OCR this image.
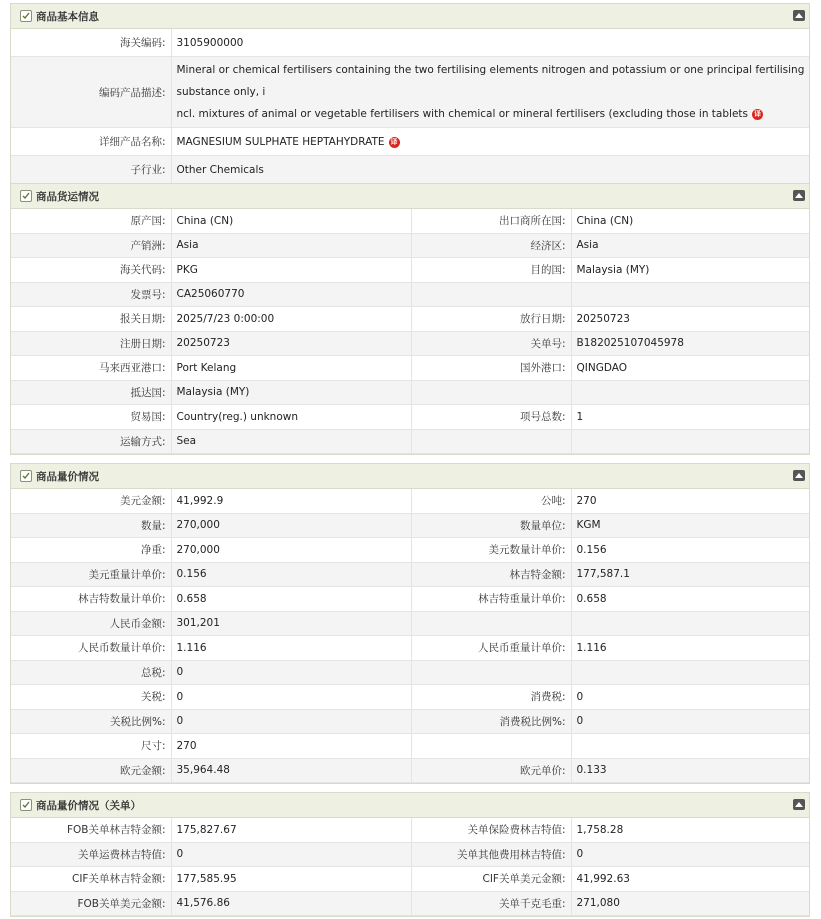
商品基本信息
海关编码:	3105900000
编码产品描述:	Mineral or chemical fertilisers containing the two fertilising elements nitrogen and potassium or one principal fertilising substance only, i
ncl. mixtures of animal or vegetable fertilisers with chemical or mineral fertilisers (excluding those in tablets 译

详细产品名称:	MAGNESIUM SULPHATE HEPTAHYDRATE 译
子行业:	Other Chemicals

商品货运情况
原产国:	China (CN)	出口商所在国:	China (CN)
产销洲:	Asia	经济区:	Asia
海关代码:	PKG	目的国:	Malaysia (MY)
发票号:	CA25060770		
报关日期:	2025/7/23 0:00:00	放行日期:	20250723
注册日期:	20250723	关单号:	B182025107045978
马来西亚港口:	Port Kelang	国外港口:	QINGDAO
抵达国:	Malaysia (MY)		
贸易国:	Country(reg.) unknown	项号总数:	1
运输方式:	Sea		
商品量价情况
美元金额:	41,992.9	公吨:	270
数量:	270,000	数量单位:	KGM
净重:	270,000	美元数量计单价:	0.156
美元重量计单价:	0.156	林吉特金额:	177,587.1
林吉特数量计单价:	0.658	林吉特重量计单价:	0.658
人民币金额:	301,201		
人民币数量计单价:	1.116	人民币重量计单价:	1.116
总税:	0		
关税:	0	消费税:	0
关税比例%:	0	消费税比例%:	0
尺寸:	270		
欧元金额:	35,964.48	欧元单价:	0.133
商品量价情况（关单）
FOB关单林吉特金额:	175,827.67	关单保险费林吉特值:	1,758.28
关单运费林吉特值:	0	关单其他费用林吉特值:	0
CIF关单林吉特金额:	177,585.95	CIF关单美元金额:	41,992.63
FOB关单美元金额:	41,576.86	关单千克毛重:	271,080
